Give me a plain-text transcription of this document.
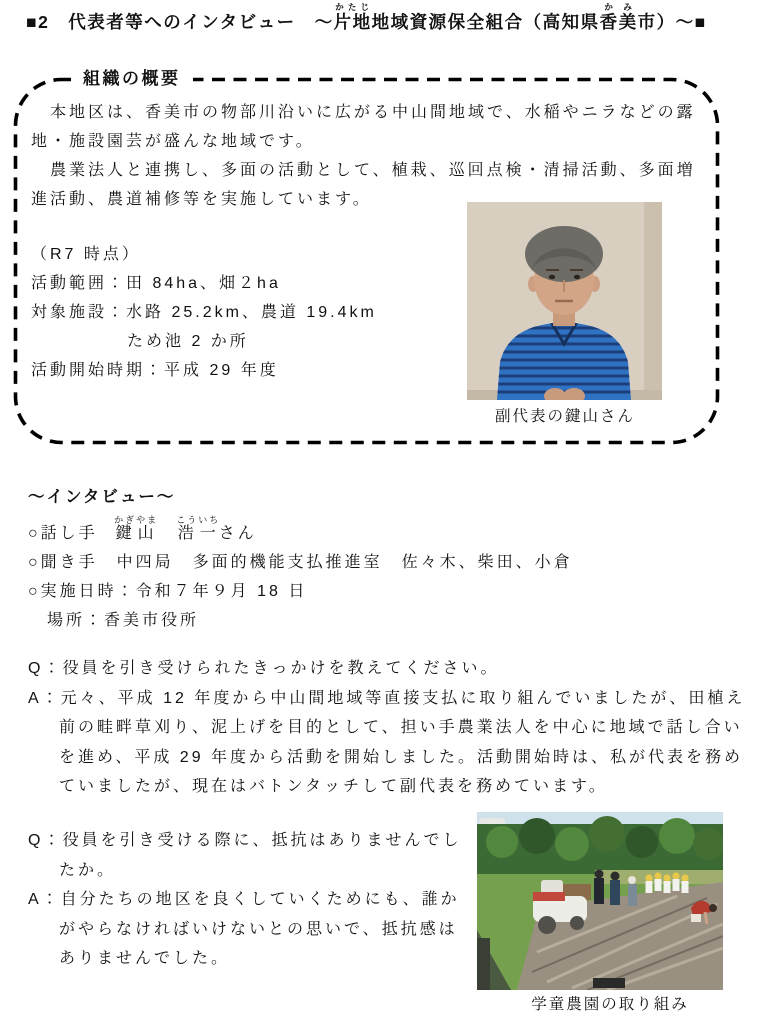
■2　代表者等へのインタビュー　～片地かたじ地域資源保全組合（高知県香美かみ市）～■
組織の概要

　本地区は、香美市の物部川沿いに広がる中山間地域で、水稲やニラなどの露地・施設園芸が盛んな地域です。

　農業法人と連携し、多面の活動として、植栽、巡回点検・清掃活動、多面増進活動、農道補修等を実施しています。

（R7 時点）
活動範囲：田 84ha、畑２ha
対象施設：水路 25.2km、農道 19.4km
ため池 2 か所
活動開始時期：平成 29 年度
副代表の鍵山さん
～インタビュー～
○話し手 鍵山かぎやま浩一こういちさん
○聞き手　中四局　多面的機能支払推進室　佐々木、柴田、小倉
○実施日時：令和７年９月 18 日
　場所：香美市役所

Q：役員を引き受けられたきっかけを教えてください。

A：元々、平成 12 年度から中山間地域等直接支払に取り組んでいましたが、田植え前の畦畔草刈り、泥上げを目的として、担い手農業法人を中心に地域で話し合いを進め、平成 29 年度から活動を開始しました。活動開始時は、私が代表を務めていましたが、現在はバトンタッチして副代表を務めています。

Q：役員を引き受ける際に、抵抗はありませんでしたか。

A：自分たちの地区を良くしていくためにも、誰かがやらなければいけないとの思いで、抵抗感はありませんでした。

学童農園の取り組み
